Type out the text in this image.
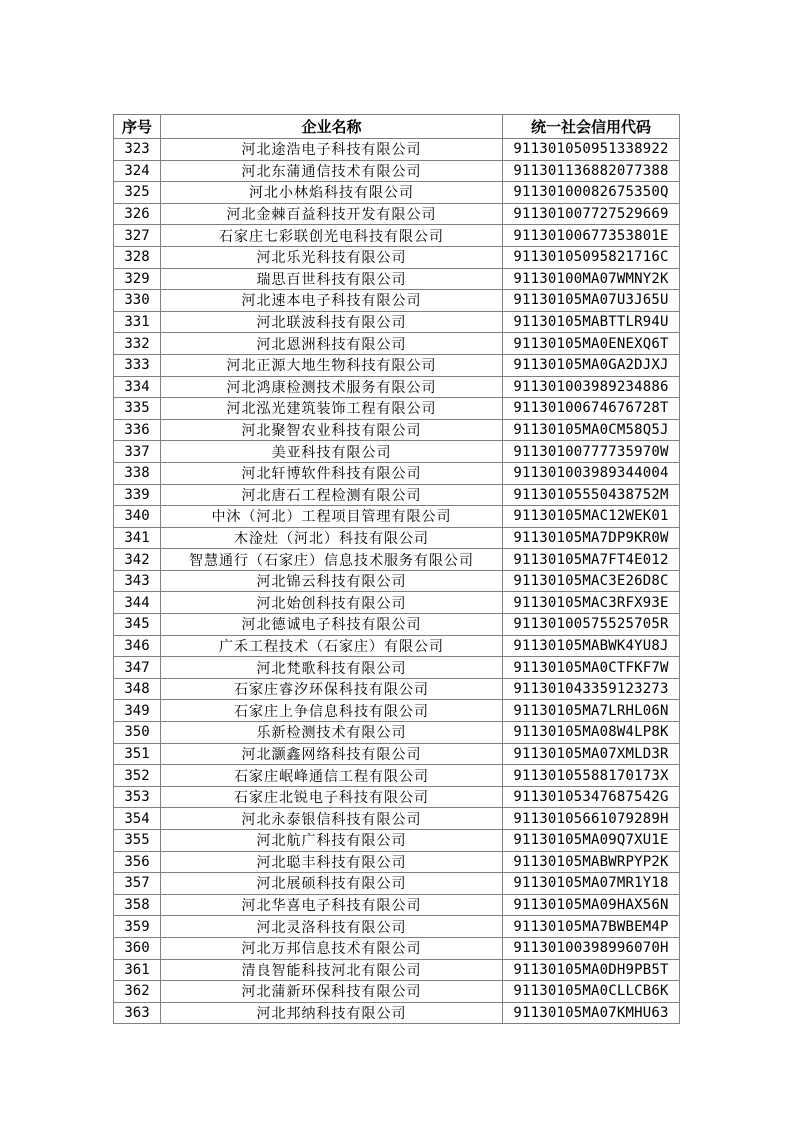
序号	企业名称	统一社会信用代码
323	河北途浩电子科技有限公司	911301050951338922
324	河北东蒲通信技术有限公司	911301136882077388
325	河北小林焰科技有限公司	91130100082675350Q
326	河北金棘百益科技开发有限公司	911301007727529669
327	石家庄七彩联创光电科技有限公司	91130100677353801E
328	河北乐光科技有限公司	91130105095821716C
329	瑞思百世科技有限公司	91130100MA07WMNY2K
330	河北速本电子科技有限公司	91130105MA07U3J65U
331	河北联波科技有限公司	91130105MABTTLR94U
332	河北恩洲科技有限公司	91130105MA0ENEXQ6T
333	河北正源大地生物科技有限公司	91130105MA0GA2DJXJ
334	河北鸿康检测技术服务有限公司	911301003989234886
335	河北泓光建筑装饰工程有限公司	91130100674676728T
336	河北聚智农业科技有限公司	91130105MA0CM58Q5J
337	美亚科技有限公司	91130100777735970W
338	河北轩博软件科技有限公司	911301003989344004
339	河北唐石工程检测有限公司	91130105550438752M
340	中沐（河北）工程项目管理有限公司	91130105MAC12WEK01
341	木淦灶（河北）科技有限公司	91130105MA7DP9KR0W
342	智慧通行（石家庄）信息技术服务有限公司	91130105MA7FT4E012
343	河北锦云科技有限公司	91130105MAC3E26D8C
344	河北始创科技有限公司	91130105MAC3RFX93E
345	河北德诚电子科技有限公司	91130100575525705R
346	广禾工程技术（石家庄）有限公司	91130105MABWK4YU8J
347	河北梵歌科技有限公司	91130105MA0CTFKF7W
348	石家庄睿汐环保科技有限公司	911301043359123273
349	石家庄上争信息科技有限公司	91130105MA7LRHL06N
350	乐新检测技术有限公司	91130105MA08W4LP8K
351	河北灏鑫网络科技有限公司	91130105MA07XMLD3R
352	石家庄岷峰通信工程有限公司	91130105588170173X
353	石家庄北锐电子科技有限公司	91130105347687542G
354	河北永泰银信科技有限公司	91130105661079289H
355	河北航广科技有限公司	91130105MA09Q7XU1E
356	河北聪丰科技有限公司	91130105MABWRPYP2K
357	河北展硕科技有限公司	91130105MA07MR1Y18
358	河北华喜电子科技有限公司	91130105MA09HAX56N
359	河北灵洛科技有限公司	91130105MA7BWBEM4P
360	河北万邦信息技术有限公司	91130100398996070H
361	清良智能科技河北有限公司	91130105MA0DH9PB5T
362	河北蒲新环保科技有限公司	91130105MA0CLLCB6K
363	河北邦纳科技有限公司	91130105MA07KMHU63
